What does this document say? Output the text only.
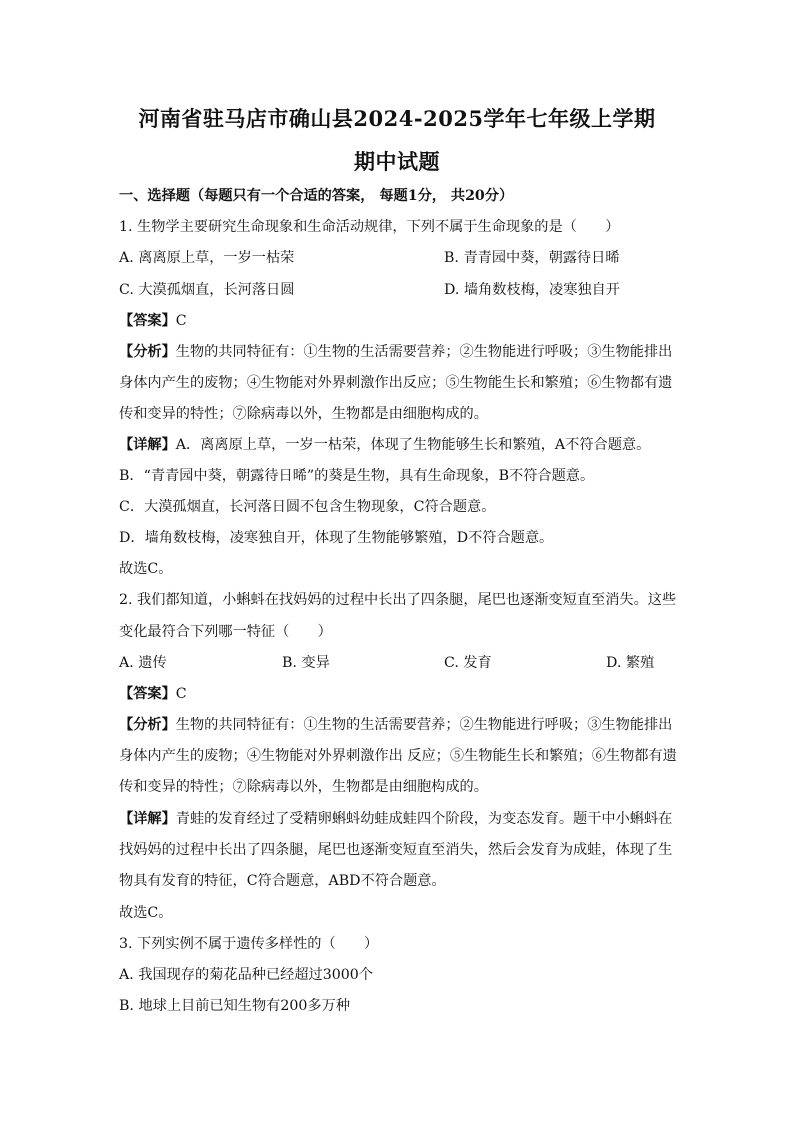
河南省驻马店市确山县2024-2025学年七年级上学期
期中试题
一、选择题（每题只有一个合适的答案， 每题1分， 共20分）
1. 生物学主要研究生命现象和生命活动规律，下列不属于生命现象的是（　　）
A. 离离原上草，一岁一枯荣	B. 青青园中葵，朝露待日晞
C. 大漠孤烟直，长河落日圆	D. 墙角数枝梅，凌寒独自开
【答案】C
【分析】生物的共同特征有：①生物的生活需要营养；②生物能进行呼吸；③生物能排出
身体内产生的废物；④生物能对外界刺激作出反应；⑤生物能生长和繁殖；⑥生物都有遗
传和变异的特性；⑦除病毒以外，生物都是由细胞构成的。
【详解】A．离离原上草，一岁一枯荣，体现了生物能够生长和繁殖，A不符合题意。
B．“青青园中葵，朝露待日晞”的葵是生物，具有生命现象，B不符合题意。
C．大漠孤烟直，长河落日圆不包含生物现象，C符合题意。
D．墙角数枝梅，凌寒独自开，体现了生物能够繁殖，D不符合题意。
故选C。
2. 我们都知道，小蝌蚪在找妈妈的过程中长出了四条腿，尾巴也逐渐变短直至消失。这些
变化最符合下列哪一特征（　　）
A. 遗传	B. 变异	C. 发育	D. 繁殖
【答案】C
【分析】生物的共同特征有：①生物的生活需要营养；②生物能进行呼吸；③生物能排出
身体内产生的废物；④生物能对外界刺激作出 反应；⑤生物能生长和繁殖；⑥生物都有遗
传和变异的特性；⑦除病毒以外，生物都是由细胞构成的。
【详解】青蛙的发育经过了受精卵蝌蚪幼蛙成蛙四个阶段，为变态发育。题干中小蝌蚪在
找妈妈的过程中长出了四条腿，尾巴也逐渐变短直至消失，然后会发育为成蛙，体现了生
物具有发育的特征，C符合题意，ABD不符合题意。
故选C。
3. 下列实例不属于遗传多样性的（　　）
A. 我国现存的菊花品种已经超过3000个
B. 地球上目前已知生物有200多万种
